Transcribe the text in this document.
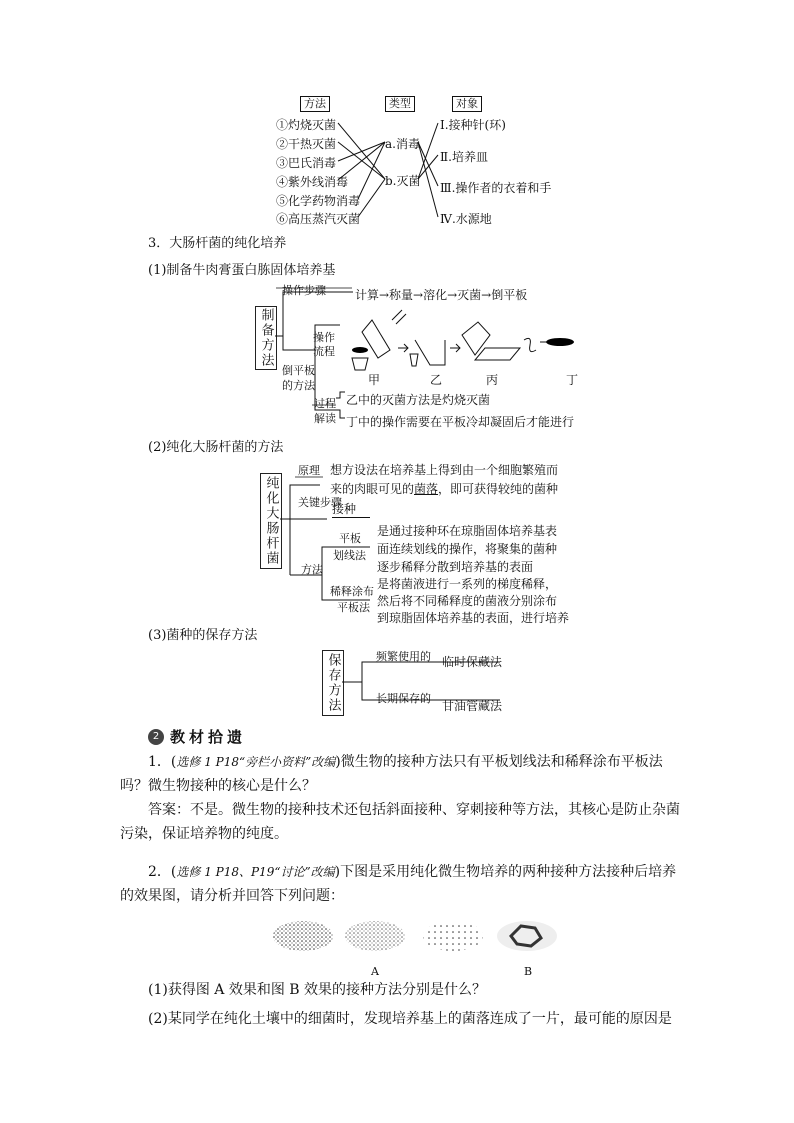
方法	类型	对象
①灼烧灭菌
②干热灭菌
③巴氏消毒
④紫外线消毒
⑤化学药物消毒
⑥高压蒸汽灭菌
a.消毒
b.灭菌
Ⅰ.接种针(环)
Ⅱ.培养皿
Ⅲ.操作者的衣着和手
Ⅳ.水源地
3．大肠杆菌的纯化培养
(1)制备牛肉膏蛋白胨固体培养基
制备方法
操作步骤 计算→称量→溶化→灭菌→倒平板
操作流程
倒平板的方法	甲	乙	丙	丁
过程解读
乙中的灭菌方法是灼烧灭菌
丁中的操作需要在平板冷却凝固后才能进行
(2)纯化大肠杆菌的方法
纯化大肠杆菌
原理 想方设法在培养基上得到由一个细胞繁殖而
来的肉眼可见的菌落，即可获得较纯的菌种
关键步骤
接种
方法
平板
划线法
是通过接种环在琼脂固体培养基表
面连续划线的操作，将聚集的菌种
逐步稀释分散到培养基的表面
稀释涂布
平板法
是将菌液进行一系列的梯度稀释，
然后将不同稀释度的菌液分别涂布
到琼脂固体培养基的表面，进行培养
(3)菌种的保存方法
保存方法	频繁使用的 临时保藏法
长期保存的
甘油管藏法
2 教材拾遗
1．(选修 1 P18“旁栏小资料”改编)微生物的接种方法只有平板划线法和稀释涂布平板法吗？微生物接种的核心是什么？
答案：不是。微生物的接种技术还包括斜面接种、穿刺接种等方法，其核心是防止杂菌污染，保证培养物的纯度。
2．(选修 1 P18、P19“讨论”改编)下图是采用纯化微生物培养的两种接种方法接种后培养的效果图，请分析并回答下列问题：
A	B
(1)获得图 A 效果和图 B 效果的接种方法分别是什么？
(2)某同学在纯化土壤中的细菌时，发现培养基上的菌落连成了一片，最可能的原因是
